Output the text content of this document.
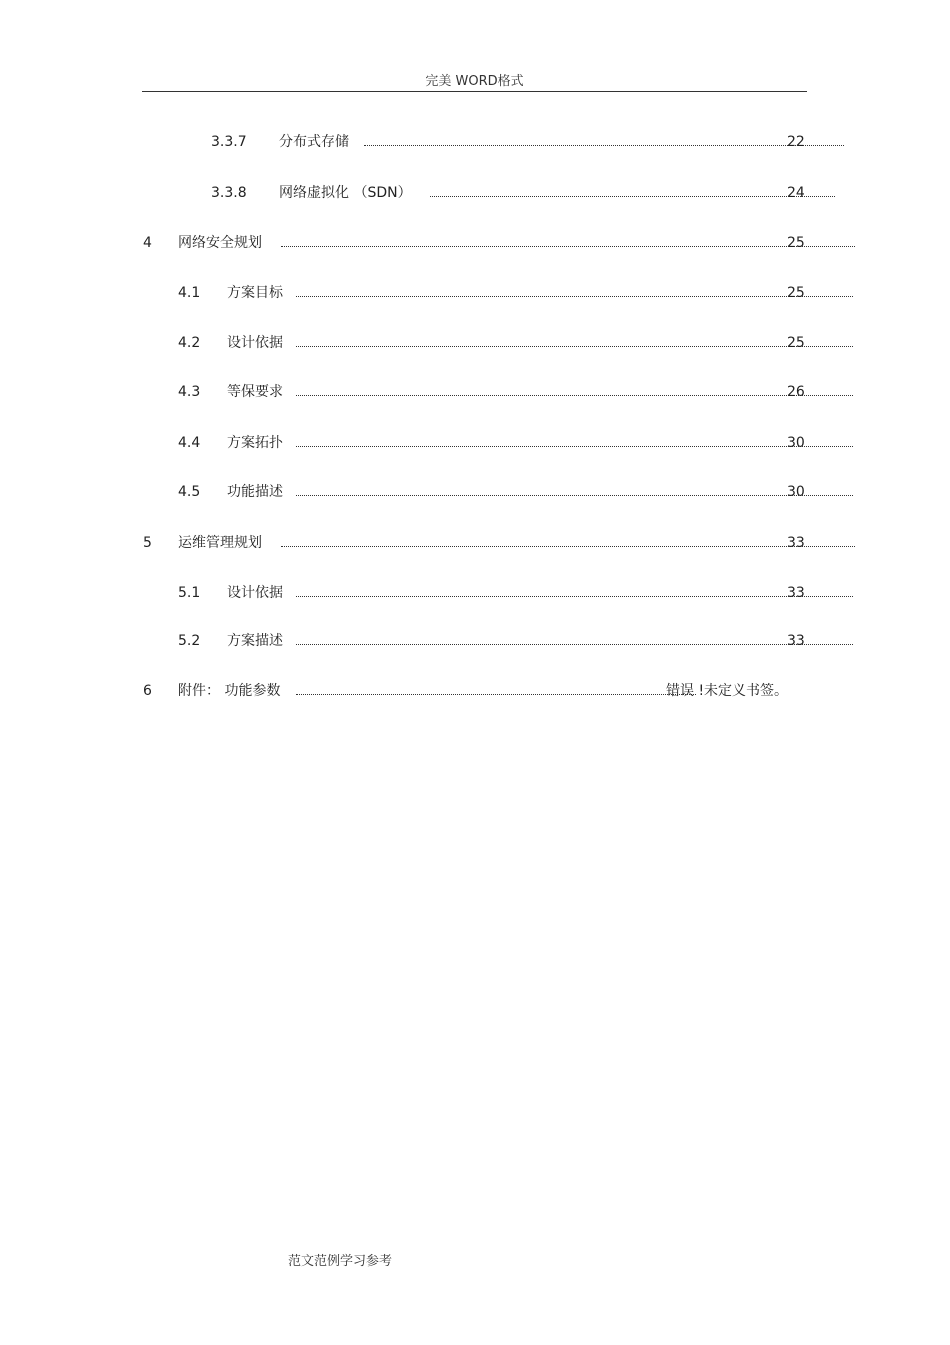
完美 WORD格式
3.3.7 分布式存储	22
3.3.8 网络虚拟化 （SDN）	24
4 网络安全规划	25
4.1 方案目标	25
4.2 设计依据	25
4.3 等保要求	26
4.4 方案拓扑	30
4.5 功能描述	30
5 运维管理规划	33
5.1 设计依据	33
5.2 方案描述	33
6 附件： 功能参数	错误 !未定义书签。
范文范例学习参考
